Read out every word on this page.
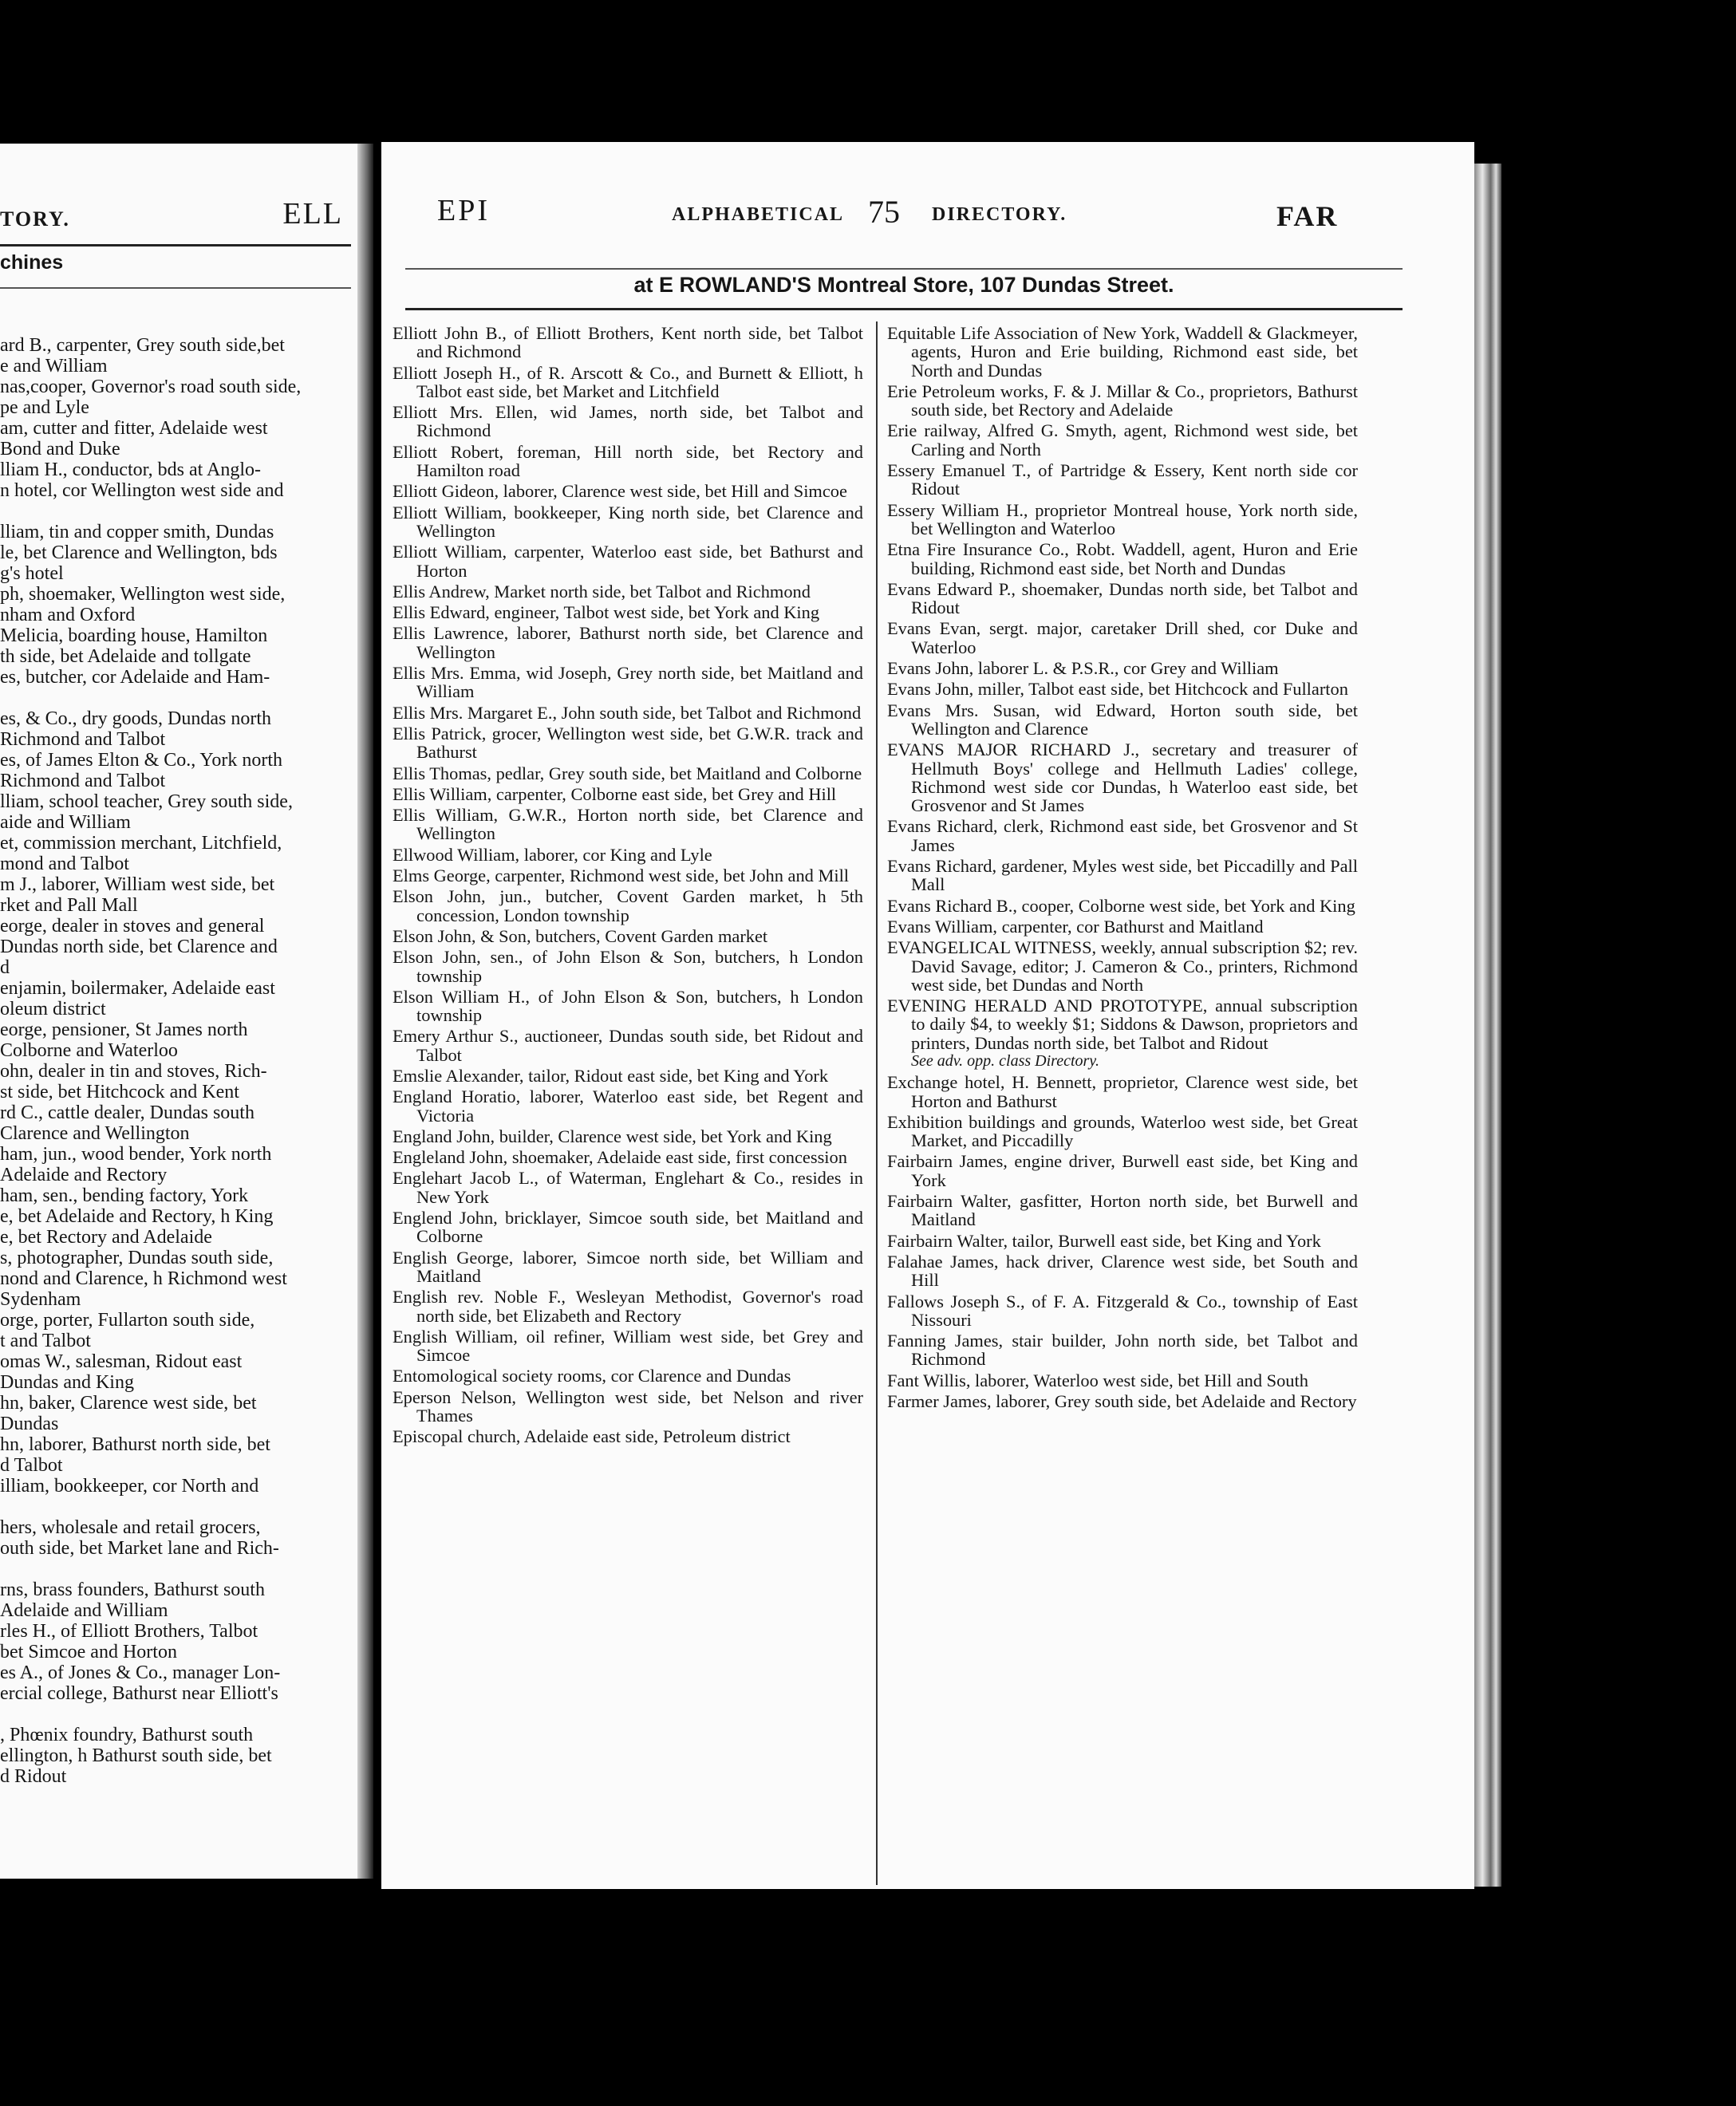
TORY.	ELL
chines
ard B., carpenter, Grey south side,bet
e and William
nas,cooper, Governor's road south side,
pe and Lyle
am, cutter and fitter, Adelaide west
Bond and Duke
lliam H., conductor, bds at Anglo-
n hotel, cor Wellington west side and
lliam, tin and copper smith, Dundas
le, bet Clarence and Wellington, bds
g's hotel
ph, shoemaker, Wellington west side,
nham and Oxford
Melicia, boarding house, Hamilton
th side, bet Adelaide and tollgate
es, butcher, cor Adelaide and Ham-
es, & Co., dry goods, Dundas north
Richmond and Talbot
es, of James Elton & Co., York north
Richmond and Talbot
lliam, school teacher, Grey south side,
aide and William
et, commission merchant, Litchfield,
mond and Talbot
m J., laborer, William west side, bet
rket and Pall Mall
eorge, dealer in stoves and general
Dundas north side, bet Clarence and
d
enjamin, boilermaker, Adelaide east
oleum district
eorge, pensioner, St James north
Colborne and Waterloo
ohn, dealer in tin and stoves, Rich-
st side, bet Hitchcock and Kent
rd C., cattle dealer, Dundas south
Clarence and Wellington
ham, jun., wood bender, York north
Adelaide and Rectory
ham, sen., bending factory, York
e, bet Adelaide and Rectory, h King
e, bet Rectory and Adelaide
s, photographer, Dundas south side,
nond and Clarence, h Richmond west
Sydenham
orge, porter, Fullarton south side,
t and Talbot
omas W., salesman, Ridout east
Dundas and King
hn, baker, Clarence west side, bet
Dundas
hn, laborer, Bathurst north side, bet
d Talbot
illiam, bookkeeper, cor North and
hers, wholesale and retail grocers,
outh side, bet Market lane and Rich-
rns, brass founders, Bathurst south
Adelaide and William
rles H., of Elliott Brothers, Talbot
bet Simcoe and Horton
es A., of Jones & Co., manager Lon-
ercial college, Bathurst near Elliott's
, Phœnix foundry, Bathurst south
ellington, h Bathurst south side, bet
d Ridout
EPI	ALPHABETICAL 75 DIRECTORY.	FAR
at E ROWLAND'S Montreal Store, 107 Dundas Street.

Elliott John B., of Elliott Brothers, Kent north side, bet Talbot and Richmond

Elliott Joseph H., of R. Arscott & Co., and Burnett & Elliott, h Talbot east side, bet Market and Litchfield

Elliott Mrs. Ellen, wid James, north side, bet Talbot and Richmond

Elliott Robert, foreman, Hill north side, bet Rectory and Hamilton road

Elliott Gideon, laborer, Clarence west side, bet Hill and Simcoe

Elliott William, bookkeeper, King north side, bet Clarence and Wellington

Elliott William, carpenter, Waterloo east side, bet Bathurst and Horton

Ellis Andrew, Market north side, bet Talbot and Richmond

Ellis Edward, engineer, Talbot west side, bet York and King

Ellis Lawrence, laborer, Bathurst north side, bet Clarence and Wellington

Ellis Mrs. Emma, wid Joseph, Grey north side, bet Maitland and William

Ellis Mrs. Margaret E., John south side, bet Talbot and Richmond

Ellis Patrick, grocer, Wellington west side, bet G.W.R. track and Bathurst

Ellis Thomas, pedlar, Grey south side, bet Maitland and Colborne

Ellis William, carpenter, Colborne east side, bet Grey and Hill

Ellis William, G.W.R., Horton north side, bet Clarence and Wellington

Ellwood William, laborer, cor King and Lyle

Elms George, carpenter, Richmond west side, bet John and Mill

Elson John, jun., butcher, Covent Garden market, h 5th concession, London township

Elson John, & Son, butchers, Covent Garden market

Elson John, sen., of John Elson & Son, butchers, h London township

Elson William H., of John Elson & Son, butchers, h London township

Emery Arthur S., auctioneer, Dundas south side, bet Ridout and Talbot

Emslie Alexander, tailor, Ridout east side, bet King and York

England Horatio, laborer, Waterloo east side, bet Regent and Victoria

England John, builder, Clarence west side, bet York and King

Engleland John, shoemaker, Adelaide east side, first concession

Englehart Jacob L., of Waterman, Englehart & Co., resides in New York

Englend John, bricklayer, Simcoe south side, bet Maitland and Colborne

English George, laborer, Simcoe north side, bet William and Maitland

English rev. Noble F., Wesleyan Methodist, Governor's road north side, bet Elizabeth and Rectory

English William, oil refiner, William west side, bet Grey and Simcoe

Entomological society rooms, cor Clarence and Dundas

Eperson Nelson, Wellington west side, bet Nelson and river Thames

Episcopal church, Adelaide east side, Petroleum district

Equitable Life Association of New York, Waddell & Glackmeyer, agents, Huron and Erie building, Richmond east side, bet North and Dundas

Erie Petroleum works, F. & J. Millar & Co., proprietors, Bathurst south side, bet Rectory and Adelaide

Erie railway, Alfred G. Smyth, agent, Richmond west side, bet Carling and North

Essery Emanuel T., of Partridge & Essery, Kent north side cor Ridout

Essery William H., proprietor Montreal house, York north side, bet Wellington and Waterloo

Etna Fire Insurance Co., Robt. Waddell, agent, Huron and Erie building, Richmond east side, bet North and Dundas

Evans Edward P., shoemaker, Dundas north side, bet Talbot and Ridout

Evans Evan, sergt. major, caretaker Drill shed, cor Duke and Waterloo

Evans John, laborer L. & P.S.R., cor Grey and William

Evans John, miller, Talbot east side, bet Hitchcock and Fullarton

Evans Mrs. Susan, wid Edward, Horton south side, bet Wellington and Clarence

EVANS MAJOR RICHARD J., secretary and treasurer of Hellmuth Boys' college and Hellmuth Ladies' college, Richmond west side cor Dundas, h Waterloo east side, bet Grosvenor and St James

Evans Richard, clerk, Richmond east side, bet Grosvenor and St James

Evans Richard, gardener, Myles west side, bet Piccadilly and Pall Mall

Evans Richard B., cooper, Colborne west side, bet York and King

Evans William, carpenter, cor Bathurst and Maitland

EVANGELICAL WITNESS, weekly, annual subscription $2; rev. David Savage, editor; J. Cameron & Co., printers, Richmond west side, bet Dundas and North

EVENING HERALD AND PROTOTYPE, annual subscription to daily $4, to weekly $1; Siddons & Dawson, proprietors and printers, Dundas north side, bet Talbot and Ridout
See adv. opp. class Directory.

Exchange hotel, H. Bennett, proprietor, Clarence west side, bet Horton and Bathurst

Exhibition buildings and grounds, Waterloo west side, bet Great Market, and Piccadilly

Fairbairn James, engine driver, Burwell east side, bet King and York

Fairbairn Walter, gasfitter, Horton north side, bet Burwell and Maitland

Fairbairn Walter, tailor, Burwell east side, bet King and York

Falahae James, hack driver, Clarence west side, bet South and Hill

Fallows Joseph S., of F. A. Fitzgerald & Co., township of East Nissouri

Fanning James, stair builder, John north side, bet Talbot and Richmond

Fant Willis, laborer, Waterloo west side, bet Hill and South

Farmer James, laborer, Grey south side, bet Adelaide and Rectory
